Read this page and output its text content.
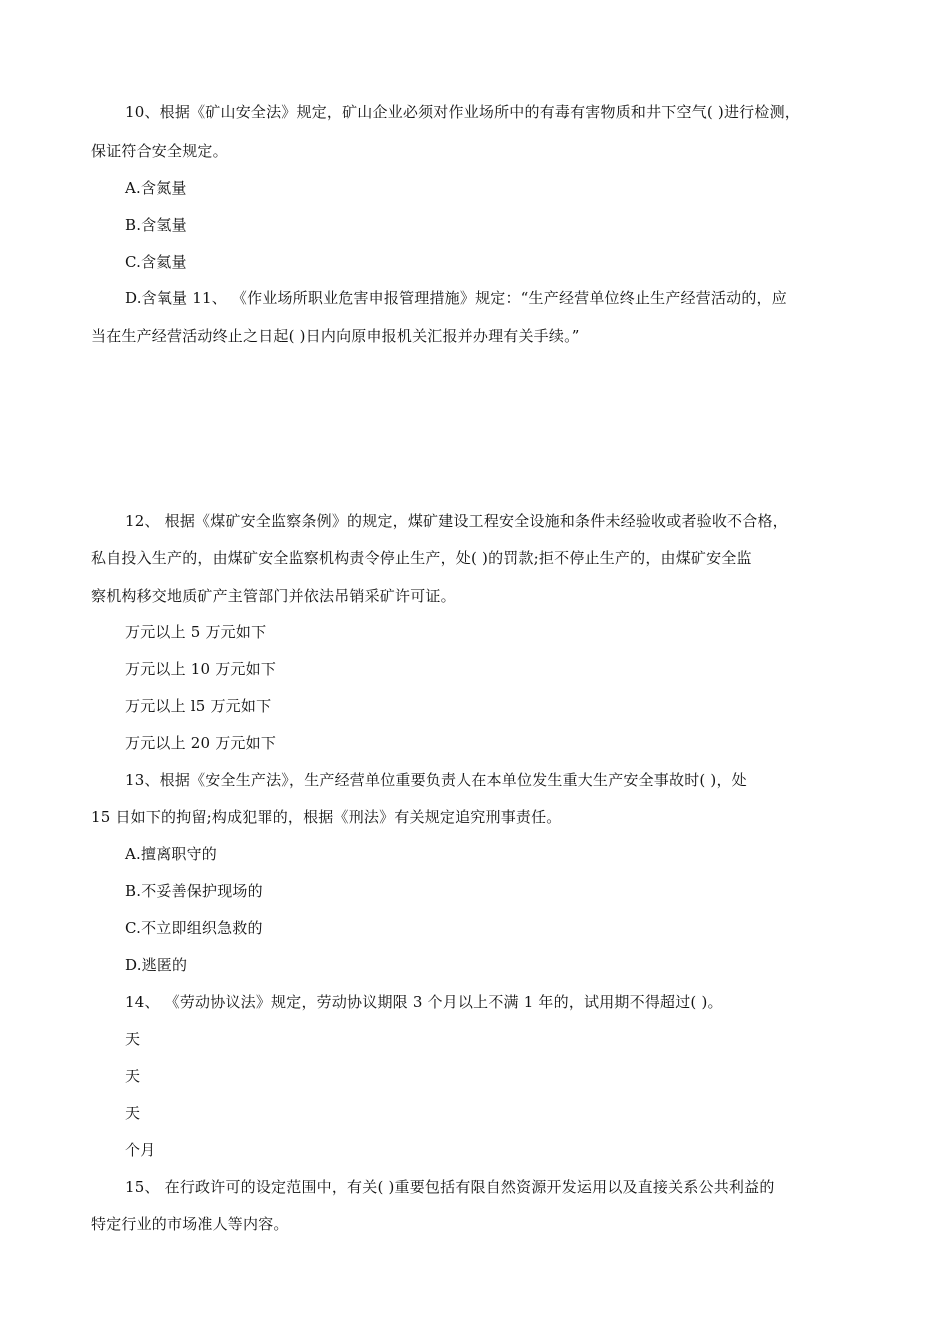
10、根据《矿山安全法》规定，矿山企业必须对作业场所中的有毒有害物质和井下空气( )进行检测，
保证符合安全规定。
A.含氮量
B.含氢量
C.含氦量
D.含氧量 11、 《作业场所职业危害申报管理措施》规定：“生产经营单位终止生产经营活动的，应
当在生产经营活动终止之日起( )日内向原申报机关汇报并办理有关手续。”
12、 根据《煤矿安全监察条例》的规定，煤矿建设工程安全设施和条件未经验收或者验收不合格，
私自投入生产的，由煤矿安全监察机构责令停止生产，处( )的罚款;拒不停止生产的，由煤矿安全监
察机构移交地质矿产主管部门并依法吊销采矿许可证。
万元以上 5 万元如下
万元以上 10 万元如下
万元以上 l5 万元如下
万元以上 20 万元如下
13、根据《安全生产法》，生产经营单位重要负责人在本单位发生重大生产安全事故时( )，处
15 日如下的拘留;构成犯罪的，根据《刑法》有关规定追究刑事责任。
A.擅离职守的
B.不妥善保护现场的
C.不立即组织急救的
D.逃匿的
14、 《劳动协议法》规定，劳动协议期限 3 个月以上不满 1 年的，试用期不得超过( )。
天
天
天
个月
15、 在行政许可的设定范围中，有关( )重要包括有限自然资源开发运用以及直接关系公共利益的
特定行业的市场准人等内容。
